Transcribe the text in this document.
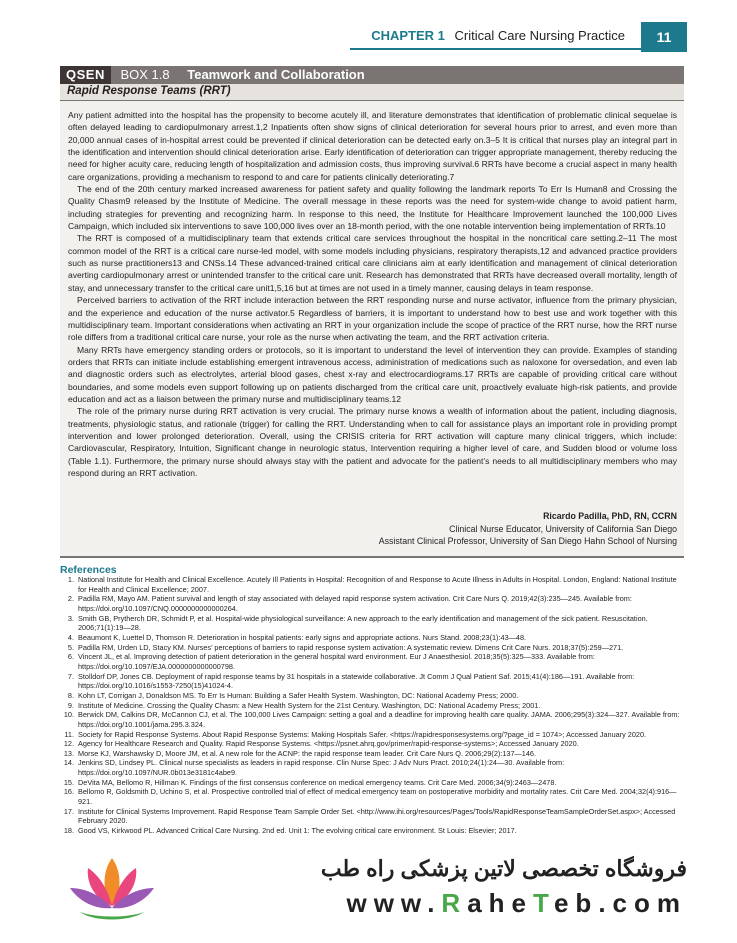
CHAPTER 1 Critical Care Nursing Practice	11
QSEN BOX 1.8 Teamwork and Collaboration
Rapid Response Teams (RRT)

Any patient admitted into the hospital has the propensity to become acutely ill, and literature demonstrates that identification of problematic clinical sequelae is often delayed leading to cardiopulmonary arrest.1,2 Inpatients often show signs of clinical deterioration for several hours prior to arrest, and even more than 20,000 annual cases of in-hospital arrest could be prevented if clinical deterioration can be detected early on.3–5 It is critical that nurses play an integral part in the identification and intervention should clinical deterioration arise. Early identification of deterioration can trigger appropriate management, thereby reducing the need for higher acuity care, reducing length of hospitalization and admission costs, thus improving survival.6 RRTs have become a crucial aspect in many health care organizations, providing a mechanism to respond to and care for patients clinically deteriorating.7

The end of the 20th century marked increased awareness for patient safety and quality following the landmark reports To Err Is Human8 and Crossing the Quality Chasm9 released by the Institute of Medicine. The overall message in these reports was the need for system-wide change to avoid patient harm, including strategies for preventing and recognizing harm. In response to this need, the Institute for Healthcare Improvement launched the 100,000 Lives Campaign, which included six interventions to save 100,000 lives over an 18-month period, with the one notable intervention being implementation of RRTs.10

The RRT is composed of a multidisciplinary team that extends critical care services throughout the hospital in the noncritical care setting.2–11 The most common model of the RRT is a critical care nurse-led model, with some models including physicians, respiratory therapists,12 and advanced practice providers such as nurse practitioners13 and CNSs.14 These advanced-trained critical care clinicians aim at early identification and management of clinical deterioration averting cardiopulmonary arrest or unintended transfer to the critical care unit. Research has demonstrated that RRTs have decreased overall mortality, length of stay, and unnecessary transfer to the critical care unit1,5,16 but at times are not used in a timely manner, causing delays in team response.

Perceived barriers to activation of the RRT include interaction between the RRT responding nurse and nurse activator, influence from the primary physician, and the experience and education of the nurse activator.5 Regardless of barriers, it is important to understand how to best use and work together with this multidisciplinary team. Important considerations when activating an RRT in your organization include the scope of practice of the RRT nurse, how the RRT nurse role differs from a traditional critical care nurse, your role as the nurse when activating the team, and the RRT activation criteria.

Many RRTs have emergency standing orders or protocols, so it is important to understand the level of intervention they can provide. Examples of standing orders that RRTs can initiate include establishing emergent intravenous access, administration of medications such as naloxone for oversedation, and even lab and diagnostic orders such as electrolytes, arterial blood gases, chest x-ray and electrocardiograms.17 RRTs are capable of providing critical care without boundaries, and some models even support following up on patients discharged from the critical care unit, proactively evaluate high-risk patients, and provide education and act as a liaison between the primary nurse and multidisciplinary teams.12

The role of the primary nurse during RRT activation is very crucial. The primary nurse knows a wealth of information about the patient, including diagnosis, treatments, physiologic status, and rationale (trigger) for calling the RRT. Understanding when to call for assistance plays an important role in providing prompt intervention and lower prolonged deterioration. Overall, using the CRISIS criteria for RRT activation will capture many clinical triggers, which include: Cardiovascular, Respiratory, Intuition, Significant change in neurologic status, Intervention requiring a higher level of care, and Sudden blood or volume loss (Table 1.1). Furthermore, the primary nurse should always stay with the patient and advocate for the patient’s needs to all multidisciplinary members who may respond during an RRT activation.

Ricardo Padilla, PhD, RN, CCRN
Clinical Nurse Educator, University of California San Diego
Assistant Clinical Professor, University of San Diego Hahn School of Nursing
References
1. National Institute for Health and Clinical Excellence. Acutely Ill Patients in Hospital: Recognition of and Response to Acute Illness in Adults in Hospital. London, England: National Institute for Health and Clinical Excellence; 2007.
2. Padilla RM, Mayo AM. Patient survival and length of stay associated with delayed rapid response system activation. Crit Care Nurs Q. 2019;42(3):235—245. Available from: https://doi.org/10.1097/CNQ.0000000000000264.
3. Smith GB, Prytherch DR, Schmidt P, et al. Hospital-wide physiological surveillance: A new approach to the early identification and management of the sick patient. Resuscitation. 2006;71(1):19—28.
4. Beaumont K, Luettel D, Thomson R. Deterioration in hospital patients: early signs and appropriate actions. Nurs Stand. 2008;23(1):43—48.
5. Padilla RM, Urden LD, Stacy KM. Nurses’ perceptions of barriers to rapid response system activation: A systematic review. Dimens Crit Care Nurs. 2018;37(5):259—271.
6. Vincent JL, et al. Improving detection of patient deterioration in the general hospital ward environment. Eur J Anaesthesiol. 2018;35(5):325—333. Available from: https://doi.org/10.1097/EJA.0000000000000798.
7. Stolldorf DP, Jones CB. Deployment of rapid response teams by 31 hospitals in a statewide collaborative. Jt Comm J Qual Patient Saf. 2015;41(4):186—191. Available from: https://doi.org/10.1016/s1553-7250(15)41024-4.
8. Kohn LT, Corrigan J, Donaldson MS. To Err Is Human: Building a Safer Health System. Washington, DC: National Academy Press; 2000.
9. Institute of Medicine. Crossing the Quality Chasm: a New Health System for the 21st Century. Washington, DC: National Academy Press; 2001.
10. Berwick DM, Calkins DR, McCannon CJ, et al. The 100,000 Lives Campaign: setting a goal and a deadline for improving health care quality. JAMA. 2006;295(3):324—327. Available from: https://doi.org/10.1001/jama.295.3.324.
11. Society for Rapid Response Systems. About Rapid Response Systems: Making Hospitals Safer. <https://rapidresponsesystems.org/?page_id = 1074>; Accessed January 2020.
12. Agency for Healthcare Research and Quality. Rapid Response Systems. <https://psnet.ahrq.gov/primer/rapid-response-systems>; Accessed January 2020.
13. Morse KJ, Warshawsky D, Moore JM, et al. A new role for the ACNP: the rapid response team leader. Crit Care Nurs Q. 2006;29(2):137—146.
14. Jenkins SD, Lindsey PL. Clinical nurse specialists as leaders in rapid response. Clin Nurse Spec: J Adv Nurs Pract. 2010;24(1):24—30. Available from: https://doi.org/10.1097/NUR.0b013e3181c4abe9.
15. DeVita MA, Bellomo R, Hillman K. Findings of the first consensus conference on medical emergency teams. Crit Care Med. 2006;34(9):2463—2478.
16. Bellomo R, Goldsmith D, Uchino S, et al. Prospective controlled trial of effect of medical emergency team on postoperative morbidity and mortality rates. Crit Care Med. 2004;32(4):916—921.
17. Institute for Clinical Systems Improvement. Rapid Response Team Sample Order Set. <http://www.ihi.org/resources/Pages/Tools/RapidResponseTeamSampleOrderSet.aspx>; Accessed February 2020.
18. Good VS, Kirkwood PL. Advanced Critical Care Nursing. 2nd ed. Unit 1: The evolving critical care environment. St Louis: Elsevier; 2017.
فروشگاه تخصصی لاتین پزشکی راه طب
www.RaheTeb.com
